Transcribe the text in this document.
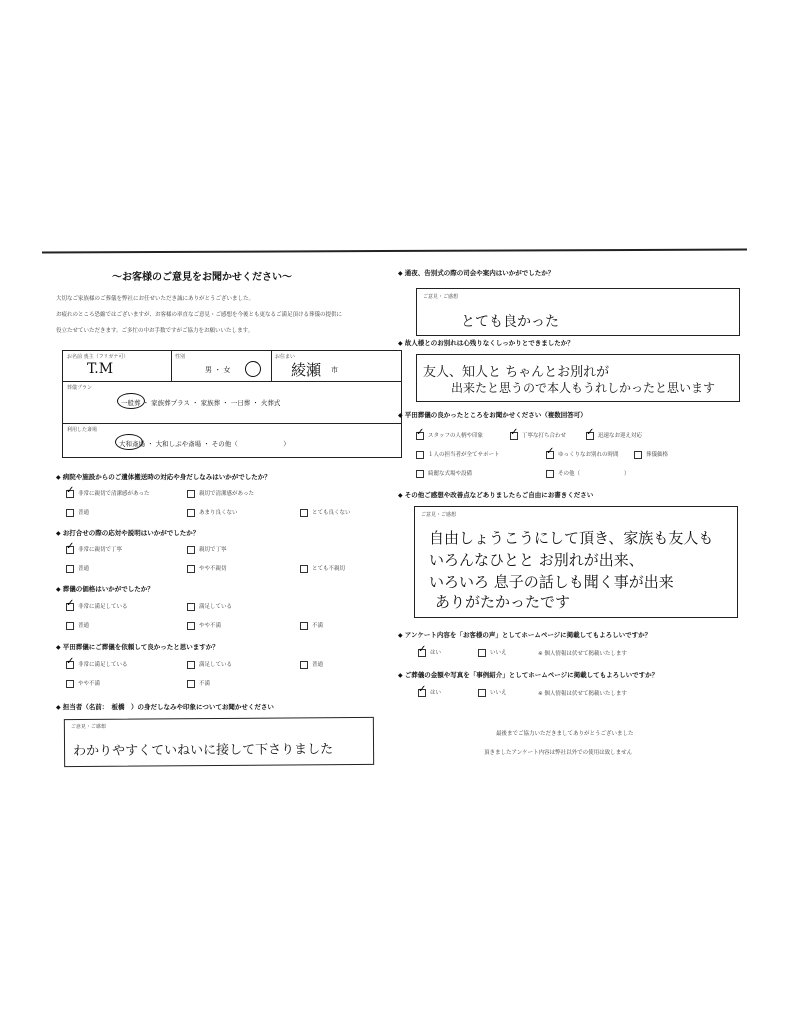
～お客様のご意見をお聞かせください～
大切なご家族様のご葬儀を弊社にお任せいただき誠にありがとうございました。
お疲れのところ恐縮ではございますが、お客様の率直なご意見・ご感想を今後とも更なるご満足頂ける葬儀の提供に
役立たせていただきます。ご多忙の中お手数ですがご協力をお願いいたします。
お名前 喪主（フリガナ可）
T.M
性別
男 ・ 女
お住まい
綾瀬 市
葬儀プラン
一般葬 ・ 家族葬プラス ・ 家族葬 ・ 一日葬 ・ 火葬式
利用した斎場
大和斎場 ・ 大和しぶや斎場 ・ その他（　　　　　　　）
◆ 病院や施設からのご遺体搬送時の対応や身だしなみはいかがでしたか？
✓非常に親切で清潔感があった	親切で清潔感があった
普通	あまり良くない	とても良くない
◆ お打合せの際の応対や説明はいかがでしたか？
✓非常に親切で丁寧	親切で丁寧
普通	やや不親切	とても不親切
◆ 葬儀の価格はいかがでしたか？
✓非常に満足している	満足している
普通	やや不満	不満
◆ 平田葬儀にご葬儀を依頼して良かったと思いますか？
✓非常に満足している	満足している	普通
やや不満	不満
◆ 担当者（名前：　板橋　）の身だしなみや印象についてお聞かせください
ご意見・ご感想
わかりやすくていねいに接して下さりました
◆ 通夜、告別式の際の司会や案内はいかがでしたか？
ご意見・ご感想
とても良かった
◆ 故人様とのお別れは心残りなくしっかりとできましたか？
友人、知人と ちゃんとお別れが
出来たと思うので本人もうれしかったと思います
◆ 平田葬儀の良かったところをお聞かせください（複数回答可）
✓スタッフの人柄や印象 ✓	丁寧な打ち合わせ ✓	迅速なお迎え対応
１人の担当者が全てサポート ✓	ゆっくりなお別れの時間	葬儀価格
綺麗な式場や設備	その他（　　　　　　　　）
◆ その他ご感想や改善点などありましたらご自由にお書きください
ご意見・ご感想
自由しょうこうにして頂き、家族も友人も
いろんなひとと お別れが出来、
いろいろ 息子の話しも聞く事が出来
ありがたかったです
◆ アンケート内容を「お客様の声」としてホームページに掲載してもよろしいですか？
✓はい	いいえ	※ 個人情報は伏せて掲載いたします
◆ ご葬儀の金額や写真を「事例紹介」としてホームページに掲載してもよろしいですか？
✓はい	いいえ	※ 個人情報は伏せて掲載いたします
最後までご協力いただきましてありがとうございました
頂きましたアンケート内容は弊社以外での使用は致しません
